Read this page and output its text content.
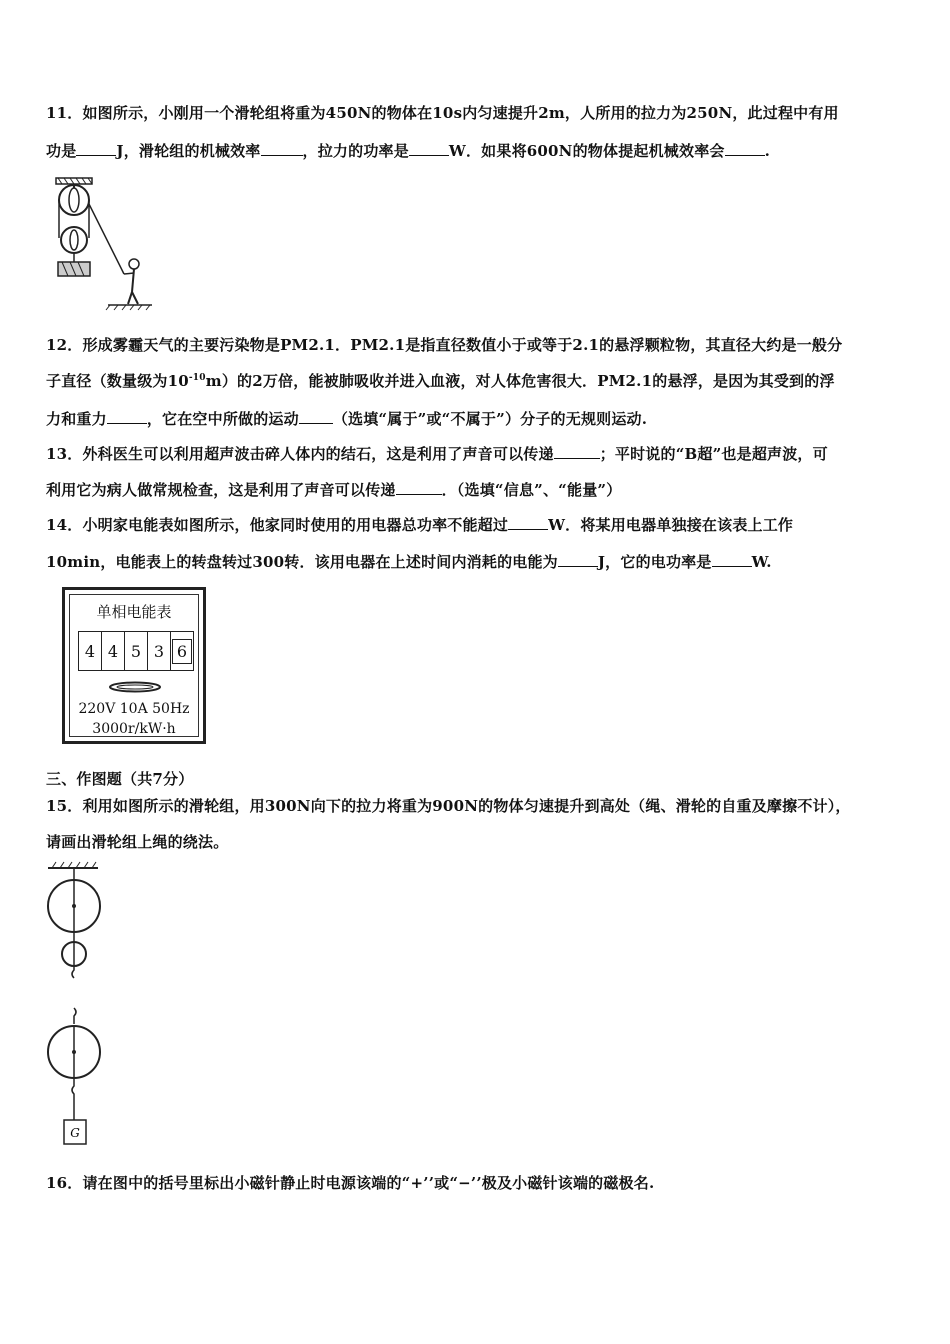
11．如图所示，小刚用一个滑轮组将重为450N的物体在10s内匀速提升2m，人所用的拉力为250N，此过程中有用
功是	J，滑轮组的机械效率	，拉力的功率是	W．如果将600N的物体提起机械效率会	.
12．形成雾霾天气的主要污染物是PM2.1．PM2.1是指直径数值小于或等于2.1的悬浮颗粒物，其直径大约是一般分
子直径（数量级为$10^{-10}m$）的2万倍，能被肺吸收并进入血液，对人体危害很大．PM2.1的悬浮，是因为其受到的浮
力和重力	，它在空中所做的运动 （选填“属于”或“不属于”）分子的无规则运动.
13．外科医生可以利用超声波击碎人体内的结石，这是利用了声音可以传递	；平时说的“B超”也是超声波，可
利用它为病人做常规检查，这是利用了声音可以传递	．（选填“信息”、“能量”）
14．小明家电能表如图所示，他家同时使用的用电器总功率不能超过	W．将某用电器单独接在该表上工作
10min，电能表上的转盘转过300转．该用电器在上述时间内消耗的电能为	J，它的电功率是	W.
单相电能表
4 4 5 3 6
220V 10A 50Hz
3000r/kW·h
三、作图题（共7分）
15．利用如图所示的滑轮组，用300N向下的拉力将重为900N的物体匀速提升到高处（绳、滑轮的自重及摩擦不计），
请画出滑轮组上绳的绕法。
G
16．请在图中的括号里标出小磁针静止时电源该端的“+’’或“−’’极及小磁针该端的磁极名.
